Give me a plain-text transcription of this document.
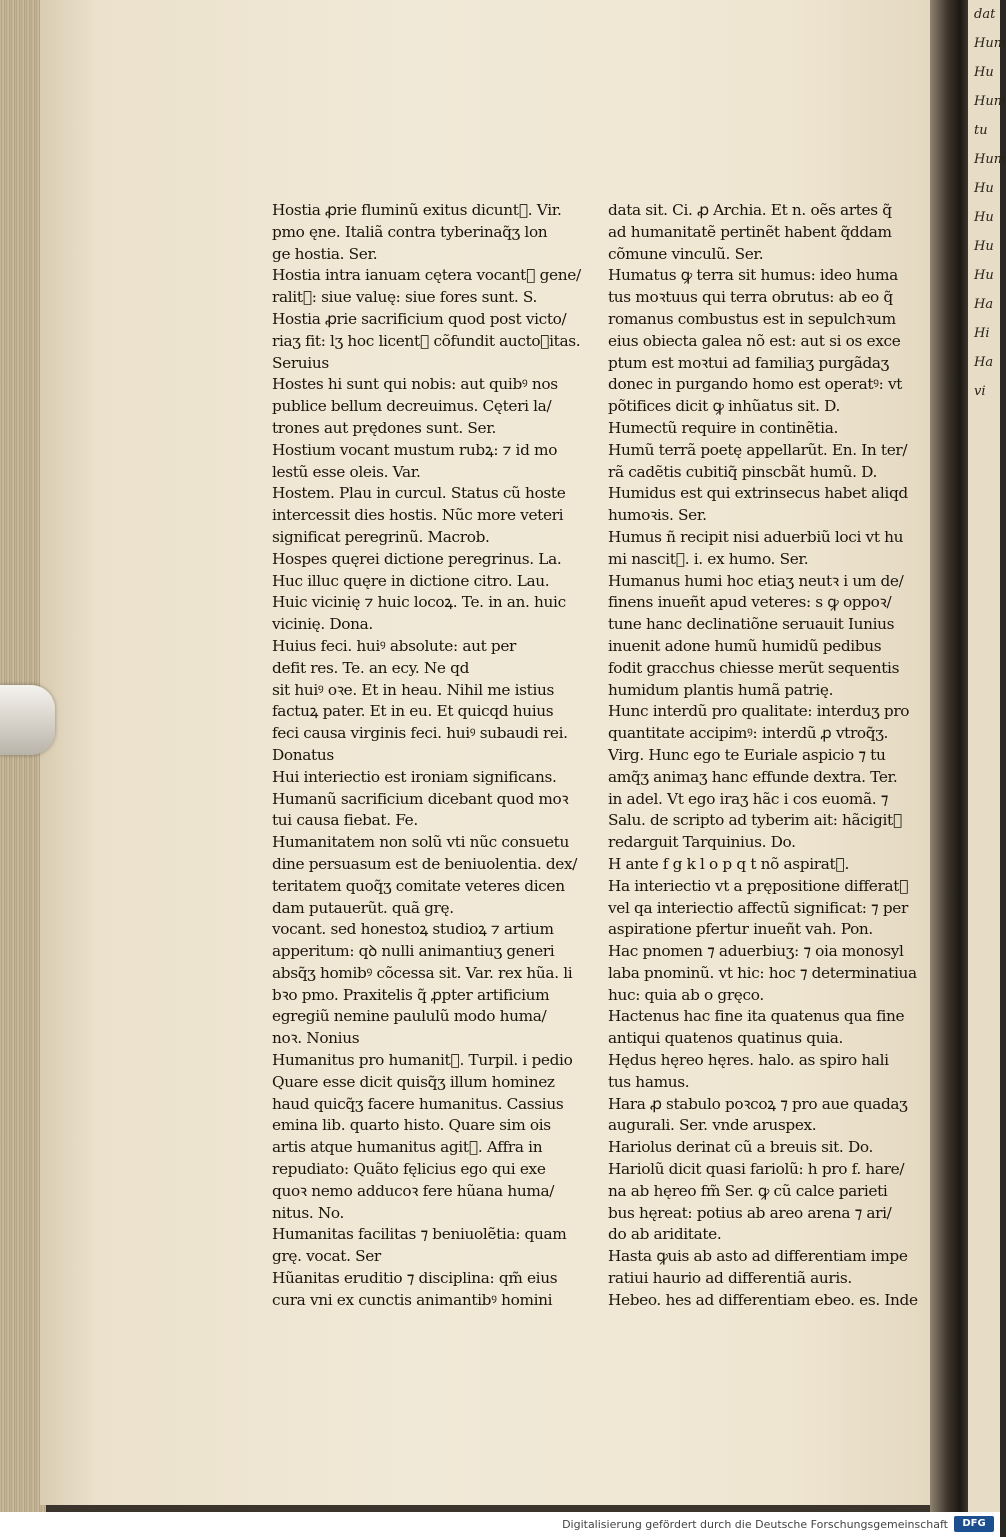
dat
Hum
Hu
Hum
tu
Hum
Hu
Hu
Hu
Hu
Ha
Hi
Ha
vi
Hostia ꝓrie fluminũ exitus dicunt᷑. Vir.
pmo ęne. Italiã contra tyberinaq̃ʒ lon
ge hostia. Ser.
Hostia intra ianuam cętera vocant᷑ gene/
ralit᷑: siue valuę: siue fores sunt. S.
Hostia ꝓrie sacrificium quod post victo/
riaʒ fit: lʒ hoc licent᷑ cõfundit auctoꝛitas.
Seruius
Hostes hi sunt qui nobis: aut quibꝰ nos
publice bellum decreuimus. Cęteri la/
trones aut prędones sunt. Ser.
Hostium vocant mustum rubꝝ: ⁊ id mo
lestũ esse oleis. Var.
Hostem. Plau in curcul. Status cũ hoste
intercessit dies hostis. Nũc more veteri
significat peregrinũ. Macrob.
Hospes quęrei dictione peregrinus. La.
Huc illuc quęre in dictione citro. Lau.
Huic vicinię ⁊ huic locoꝝ. Te. in an. huic
vicinię. Dona.
Huius feci. huiꝰ absolute: aut per
defit res. Te. an ecy. Ne qd
sit huiꝰ oꝛe. Et in heau. Nihil me istius
factuꝝ pater. Et in eu. Et quicqd huius
feci causa virginis feci. huiꝰ subaudi rei.
Donatus
Hui interiectio est ironiam significans.
Humanũ sacrificium dicebant quod moꝛ
tui causa fiebat. Fe.
Humanitatem non solũ vti nũc consuetu
dine persuasum est de beniuolentia. dex/
teritatem quoq̃ʒ comitate veteres dicen
dam putauerũt. quã grę.
vocant. sed honestoꝝ studioꝝ ⁊ artium
apperitum: qꝺ nulli animantiuʒ generi
absq̃ʒ homibꝰ cõcessa sit. Var. rex hũa. li
bꝛo pmo. Praxitelis q̃ ꝓpter artificium
egregiũ nemine paululũ modo huma/
noꝛ. Nonius
Humanitus pro humanit᷑. Turpil. i pedio
Quare esse dicit quisq̃ʒ illum hominez
haud quicq̃ʒ facere humanitus. Cassius
emina lib. quarto histo. Quare sim ois
artis atque humanitus agit᷑. Affra in
repudiato: Quãto fęlicius ego qui exe
quoꝛ nemo adducoꝛ fere hũana huma/
nitus. No.
Humanitas facilitas ⁊ beniuolẽtia: quam
grę. vocat. Ser
Hũanitas eruditio ⁊ disciplina: qm̃ eius
cura vni ex cunctis animantibꝰ homini
data sit. Ci. ꝓ Archia. Et n. oẽs artes q̃
ad humanitatẽ pertinẽt habent q̃ddam
cõmune vinculũ. Ser.
Humatus ꝙ terra sit humus: ideo huma
tus moꝛtuus qui terra obrutus: ab eo q̃
romanus combustus est in sepulchꝛum
eius obiecta galea nõ est: aut si os exce
ptum est moꝛtui ad familiaʒ purgãdaʒ
donec in purgando homo est operatꝰ: vt
põtifices dicit ꝙ inhũatus sit. D.
Humectũ require in continẽtia.
Humũ terrã poetę appellarũt. En. In ter/
rã cadẽtis cubitiq̃ pinscbãt humũ. D.
Humidus est qui extrinsecus habet aliqd
humoꝛis. Ser.
Humus ñ recipit nisi aduerbiũ loci vt hu
mi nascit᷑. i. ex humo. Ser.
Humanus humi hoc etiaʒ neutꝛ i um de/
finens inueñt apud veteres: s ꝙ oppoꝛ/
tune hanc declinatiõne seruauit Iunius
inuenit adone humũ humidũ pedibus
fodit gracchus chiesse merũt sequentis
humidum plantis humã patrię.
Hunc interdũ pro qualitate: interduʒ pro
quantitate accipimꝰ: interdũ ꝓ vtroq̃ʒ.
Virg. Hunc ego te Euriale aspicio ⁊ tu
amq̃ʒ animaʒ hanc effunde dextra. Ter.
in adel. Vt ego iraʒ hãc i cos euomã. ⁊
Salu. de scripto ad tyberim ait: hãcigit᷑
redarguit Tarquinius. Do.
H ante f g k l o p q t nõ aspirat᷑.
Ha interiectio vt a prępositione differat᷑
vel qa interiectio affectũ significat: ⁊ per
aspiratione pfertur inueñt vah. Pon.
Hac pnomen ⁊ aduerbiuʒ: ⁊ oia monosyl
laba pnominũ. vt hic: hoc ⁊ determinatiua
huc: quia ab o gręco.
Hactenus hac fine ita quatenus qua fine
antiqui quatenos quatinus quia.
Hędus hęreo hęres. halo. as spiro hali
tus hamus.
Hara ꝓ stabulo poꝛcoꝝ ⁊ pro aue quadaʒ
augurali. Ser. vnde aruspex.
Hariolus derinat cũ a breuis sit. Do.
Hariolũ dicit quasi fariolũ: h pro f. hare/
na ab hęreo fm̃ Ser. ꝙ cũ calce parieti
bus hęreat: potius ab areo arena ⁊ ari/
do ab ariditate.
Hasta ꝙuis ab asto ad differentiam impe
ratiui haurio ad differentiã auris.
Hebeo. hes ad differentiam ebeo. es. Inde
Digitalisierung gefördert durch die Deutsche Forschungsgemeinschaft	DFG
